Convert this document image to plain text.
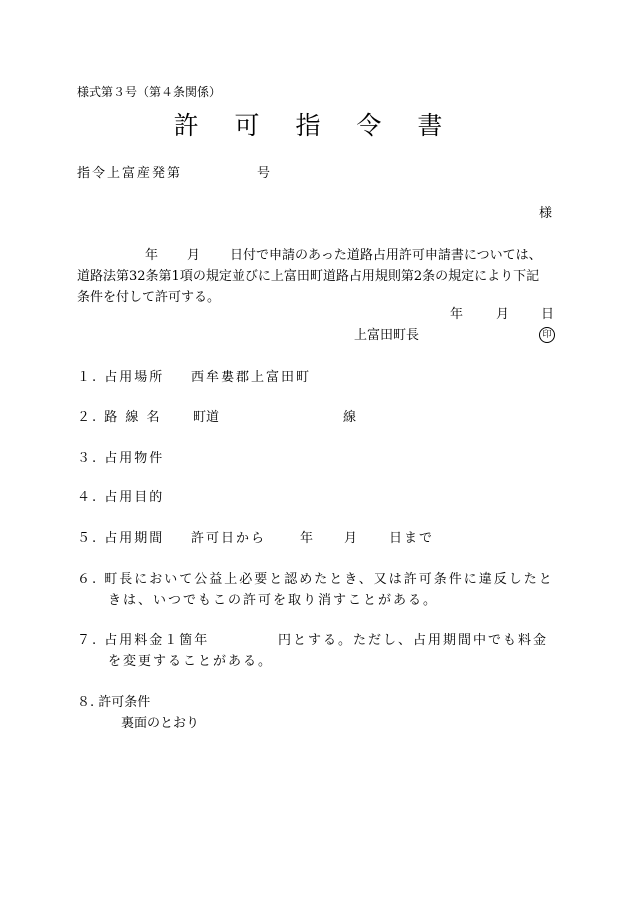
様式第３号（第４条関係）
許 可 指 令 書
指令上富産発第	号
様
年 月 日付で申請のあった道路占用許可申請書については、
道路法第32条第1項の規定並びに上富田町道路占用規則第2条の規定により下記
条件を付して許可する。
年	月 日
上富田町長	印
１. 占用場所 西牟婁郡上富田町
２. 路 線 名 町道	線
３. 占用物件
４. 占用目的
５. 占用期間 許可日から	年 月 日まで
６. 町長において公益上必要と認めたとき、又は許可条件に違反したと
きは、いつでもこの許可を取り消すことがある。
７. 占用料金１箇年	円とする。ただし、占用期間中でも料金
を変更することがある。
８. 許可条件
裏面のとおり
